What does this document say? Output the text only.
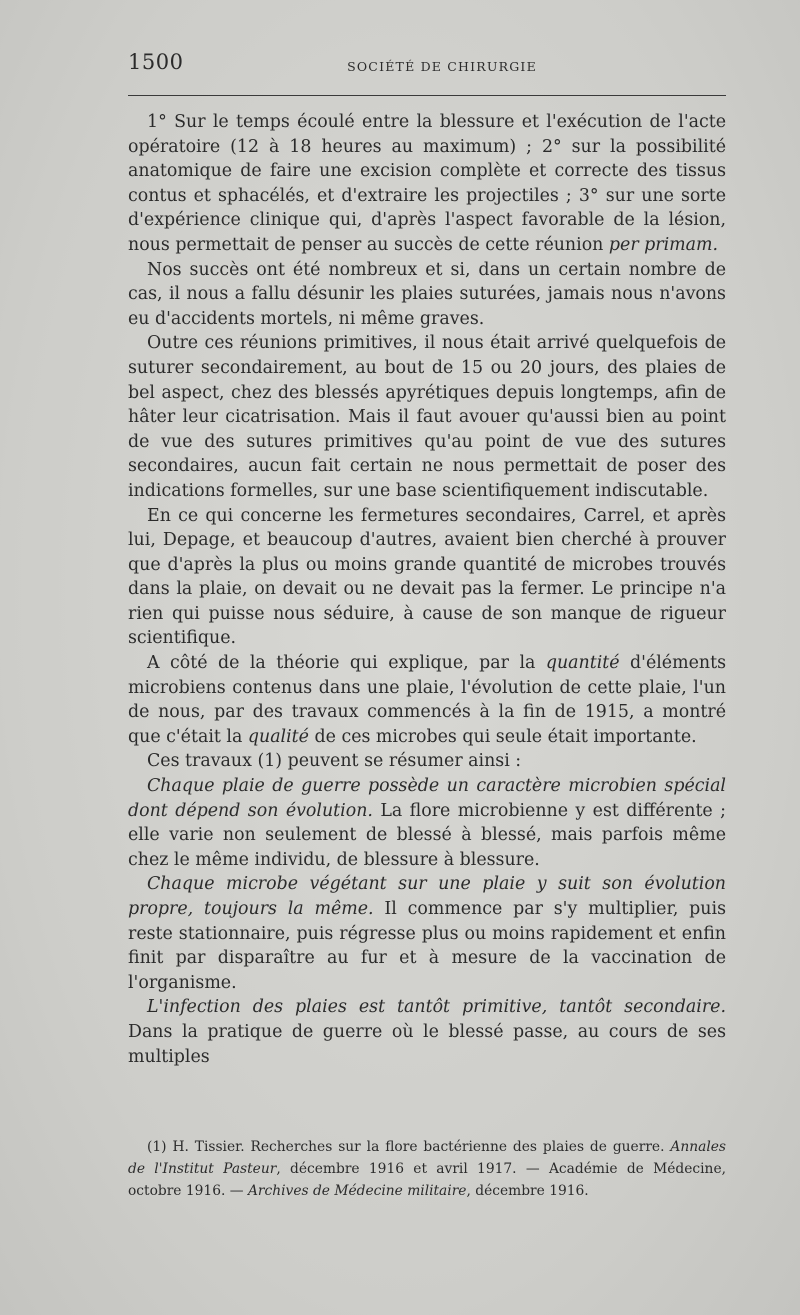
1500	SOCIÉTÉ DE CHIRURGIE

1° Sur le temps écoulé entre la blessure et l'exécution de l'acte opératoire (12 à 18 heures au maximum) ; 2° sur la possibilité anatomique de faire une excision complète et correcte des tissus contus et sphacélés, et d'extraire les projectiles ; 3° sur une sorte d'expérience clinique qui, d'après l'aspect favorable de la lésion, nous permettait de penser au succès de cette réunion per primam.

Nos succès ont été nombreux et si, dans un certain nombre de cas, il nous a fallu désunir les plaies suturées, jamais nous n'avons eu d'accidents mortels, ni même graves.

Outre ces réunions primitives, il nous était arrivé quelquefois de suturer secondairement, au bout de 15 ou 20 jours, des plaies de bel aspect, chez des blessés apyrétiques depuis longtemps, afin de hâter leur cicatrisation. Mais il faut avouer qu'aussi bien au point de vue des sutures primitives qu'au point de vue des sutures secondaires, aucun fait certain ne nous permettait de poser des indications formelles, sur une base scientifiquement indiscutable.

En ce qui concerne les fermetures secondaires, Carrel, et après lui, Depage, et beaucoup d'autres, avaient bien cherché à prouver que d'après la plus ou moins grande quantité de microbes trouvés dans la plaie, on devait ou ne devait pas la fermer. Le principe n'a rien qui puisse nous séduire, à cause de son manque de rigueur scientifique.

A côté de la théorie qui explique, par la quantité d'éléments microbiens contenus dans une plaie, l'évolution de cette plaie, l'un de nous, par des travaux commencés à la fin de 1915, a montré que c'était la qualité de ces microbes qui seule était importante.

Ces travaux (1) peuvent se résumer ainsi :

Chaque plaie de guerre possède un caractère microbien spécial dont dépend son évolution. La flore microbienne y est différente ; elle varie non seulement de blessé à blessé, mais parfois même chez le même individu, de blessure à blessure.

Chaque microbe végétant sur une plaie y suit son évolution propre, toujours la même. Il commence par s'y multiplier, puis reste stationnaire, puis régresse plus ou moins rapidement et enfin finit par disparaître au fur et à mesure de la vaccination de l'organisme.

L'infection des plaies est tantôt primitive, tantôt secondaire. Dans la pratique de guerre où le blessé passe, au cours de ses multiples

(1) H. Tissier. Recherches sur la flore bactérienne des plaies de guerre. Annales de l'Institut Pasteur, décembre 1916 et avril 1917. — Académie de Médecine, octobre 1916. — Archives de Médecine militaire, décembre 1916.
